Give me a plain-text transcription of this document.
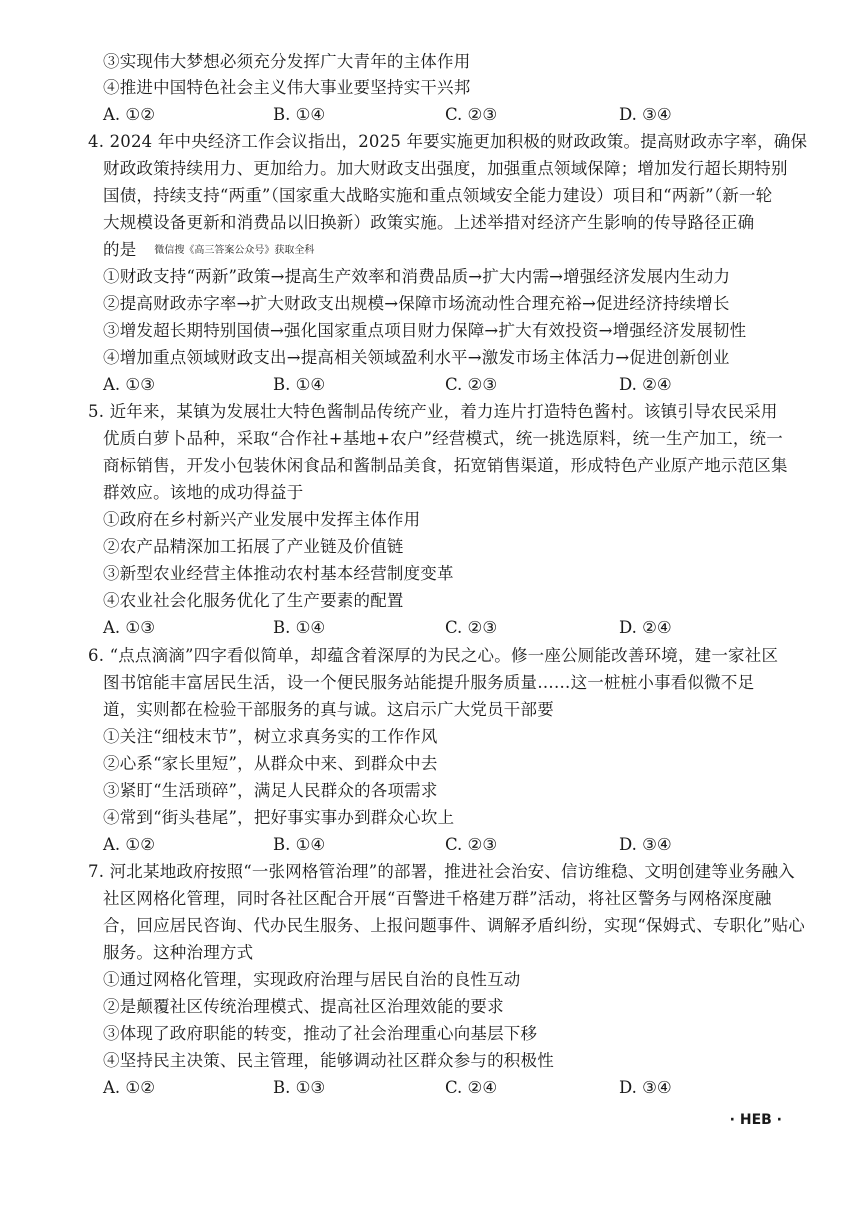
③实现伟大梦想必须充分发挥广大青年的主体作用
④推进中国特色社会主义伟大事业要坚持实干兴邦
A. ①②	B. ①④	C. ②③	D. ③④
4. 2024 年中央经济工作会议指出，2025 年要实施更加积极的财政政策。提高财政赤字率，确保
财政政策持续用力、更加给力。加大财政支出强度，加强重点领域保障；增加发行超长期特别
国债，持续支持“两重”（国家重大战略实施和重点领域安全能力建设）项目和“两新”（新一轮
大规模设备更新和消费品以旧换新）政策实施。上述举措对经济产生影响的传导路径正确
的是 微信搜《高三答案公众号》获取全科
①财政支持“两新”政策→提高生产效率和消费品质→扩大内需→增强经济发展内生动力
②提高财政赤字率→扩大财政支出规模→保障市场流动性合理充裕→促进经济持续增长
③增发超长期特别国债→强化国家重点项目财力保障→扩大有效投资→增强经济发展韧性
④增加重点领域财政支出→提高相关领域盈利水平→激发市场主体活力→促进创新创业
A. ①③	B. ①④	C. ②③	D. ②④
5. 近年来，某镇为发展壮大特色酱制品传统产业，着力连片打造特色酱村。该镇引导农民采用
优质白萝卜品种，采取“合作社+基地+农户”经营模式，统一挑选原料，统一生产加工，统一
商标销售，开发小包装休闲食品和酱制品美食，拓宽销售渠道，形成特色产业原产地示范区集
群效应。该地的成功得益于
①政府在乡村新兴产业发展中发挥主体作用
②农产品精深加工拓展了产业链及价值链
③新型农业经营主体推动农村基本经营制度变革
④农业社会化服务优化了生产要素的配置
A. ①③	B. ①④	C. ②③	D. ②④
6. “点点滴滴”四字看似简单，却蕴含着深厚的为民之心。修一座公厕能改善环境，建一家社区
图书馆能丰富居民生活，设一个便民服务站能提升服务质量……这一桩桩小事看似微不足
道，实则都在检验干部服务的真与诚。这启示广大党员干部要
①关注“细枝末节”，树立求真务实的工作作风
②心系“家长里短”，从群众中来、到群众中去
③紧盯“生活琐碎”，满足人民群众的各项需求
④常到“街头巷尾”，把好事实事办到群众心坎上
A. ①②	B. ①④	C. ②③	D. ③④
7. 河北某地政府按照“一张网格管治理”的部署，推进社会治安、信访维稳、文明创建等业务融入
社区网格化管理，同时各社区配合开展“百警进千格建万群”活动，将社区警务与网格深度融
合，回应居民咨询、代办民生服务、上报问题事件、调解矛盾纠纷，实现“保姆式、专职化”贴心
服务。这种治理方式
①通过网格化管理，实现政府治理与居民自治的良性互动
②是颠覆社区传统治理模式、提高社区治理效能的要求
③体现了政府职能的转变，推动了社会治理重心向基层下移
④坚持民主决策、民主管理，能够调动社区群众参与的积极性
A. ①②	B. ①③	C. ②④	D. ③④
· HEB ·
